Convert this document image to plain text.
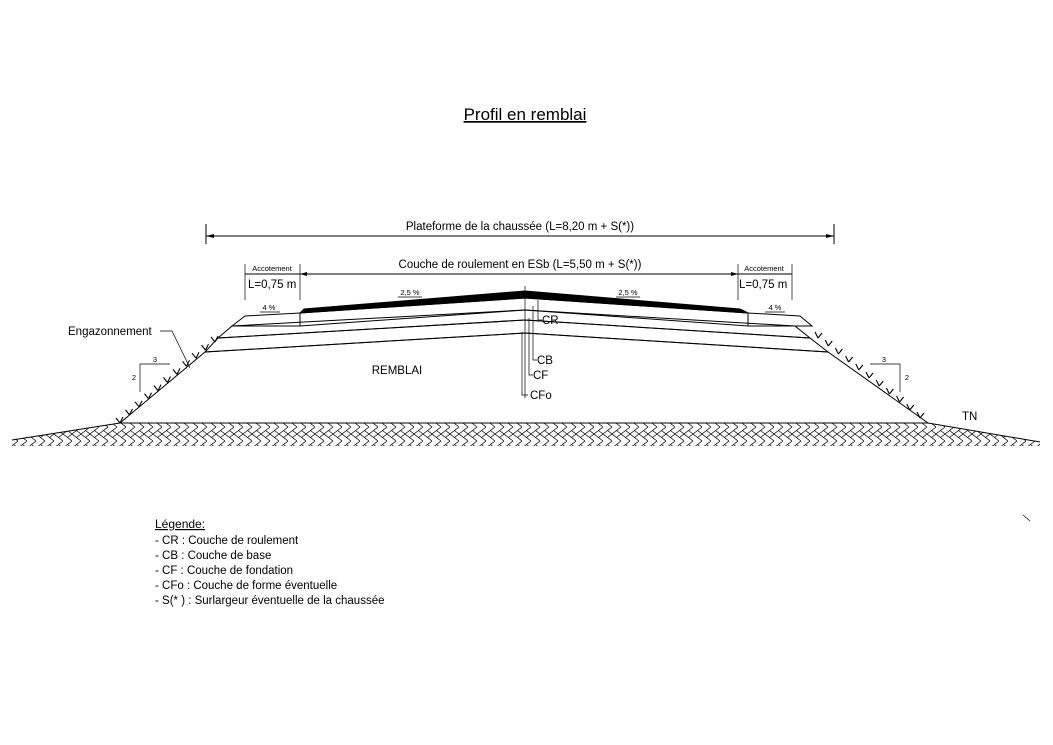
Profil en remblai
Plateforme de la chaussée (L=8,20 m + S(*))
Couche de roulement en ESb (L=5,50 m + S(*))
Accotement
L=0,75 m
Accotement
L=0,75 m
4 %	4 %
2,5 %	2,5 %
CR
CB
CF
CFo
Engazonnement
REMBLAI
TN
3
2
3
2
Légende:
- CR : Couche de roulement
- CB : Couche de base
- CF : Couche de fondation
- CFo : Couche de forme éventuelle
- S(* ) : Surlargeur éventuelle de la chaussée
